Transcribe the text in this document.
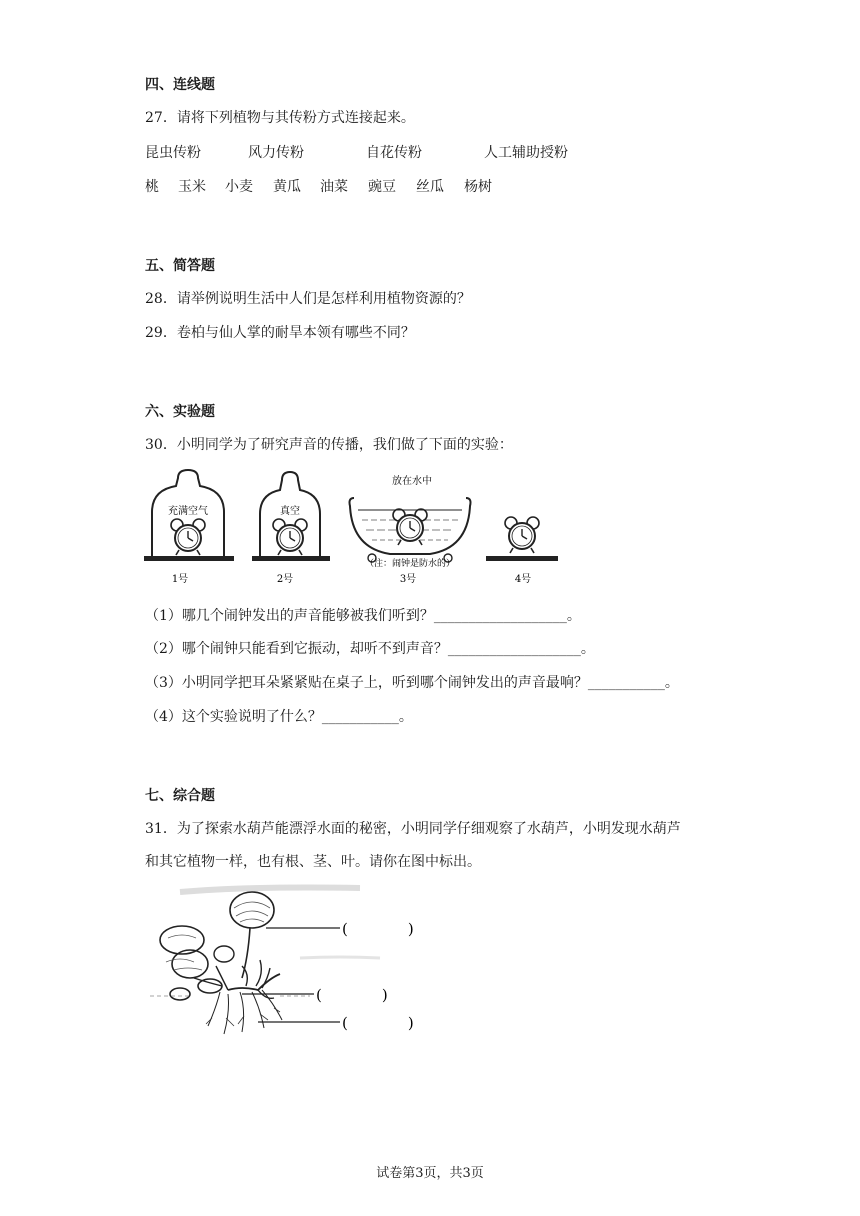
四、连线题
27．请将下列植物与其传粉方式连接起来。
昆虫传粉	风力传粉	自花传粉	人工辅助授粉
桃 玉米 小麦 黄瓜 油菜 豌豆 丝瓜 杨树
五、简答题
28．请举例说明生活中人们是怎样利用植物资源的？
29．卷柏与仙人掌的耐旱本领有哪些不同？
六、实验题
30．小明同学为了研究声音的传播，我们做了下面的实验：
充满空气	真空
放在水中
（注：闹钟是防水的）
1号	2号	3号	4号
（1）哪几个闹钟发出的声音能够被我们听到？___________________。
（2）哪个闹钟只能看到它振动，却听不到声音？___________________。
（3）小明同学把耳朵紧紧贴在桌子上，听到哪个闹钟发出的声音最响？___________。
（4）这个实验说明了什么？___________。
七、综合题
31．为了探索水葫芦能漂浮水面的秘密，小明同学仔细观察了水葫芦，小明发现水葫芦
和其它植物一样，也有根、茎、叶。请你在图中标出。
(　　　　)
(　　　　)
(　　　　)
试卷第3页，共3页
